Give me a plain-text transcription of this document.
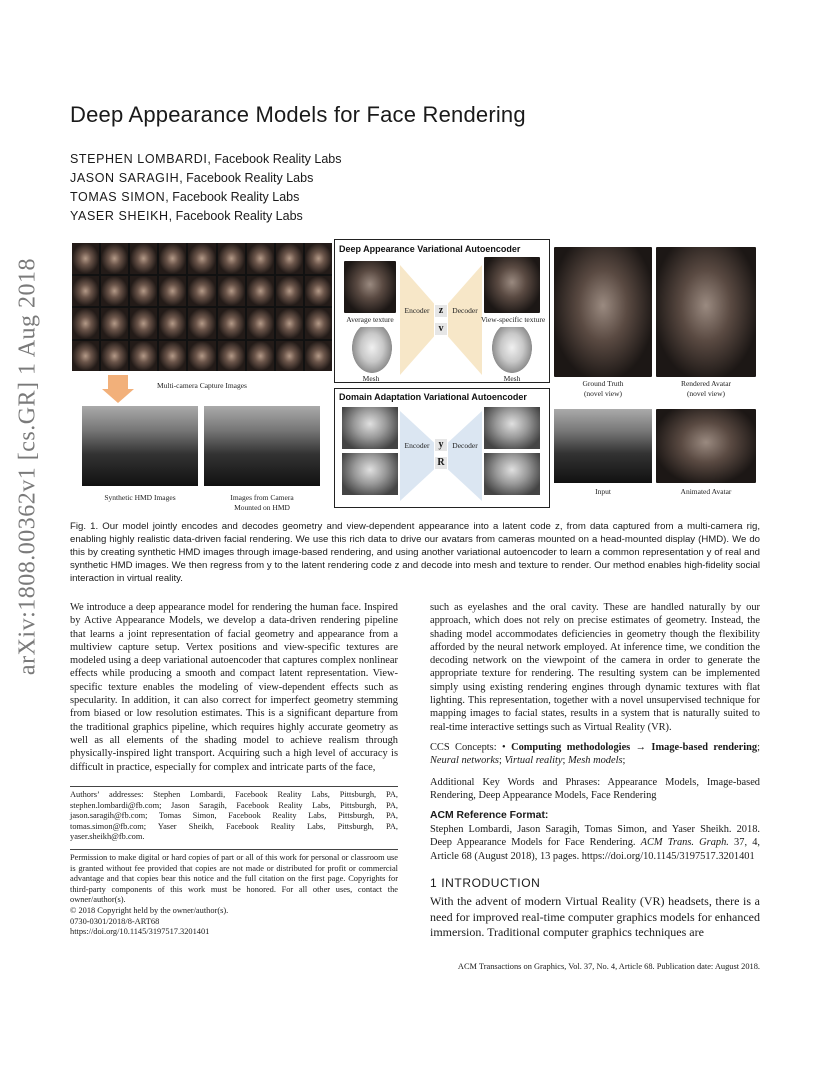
Deep Appearance Models for Face Rendering
STEPHEN LOMBARDI, Facebook Reality Labs
JASON SARAGIH, Facebook Reality Labs
TOMAS SIMON, Facebook Reality Labs
YASER SHEIKH, Facebook Reality Labs
arXiv:1808.00362v1 [cs.GR] 1 Aug 2018	Multi-camera Capture Images
Synthetic HMD Images	Images from Camera
Mounted on HMD
Deep Appearance Variational Autoencoder
Average texture
Mesh
Encoder	Decoder
z
v
View-specific texture
Mesh
Domain Adaptation Variational Autoencoder
Encoder	Decoder
y
R
Ground Truth
(novel view)
Rendered Avatar
(novel view)
Input	Animated Avatar
Fig. 1. Our model jointly encodes and decodes geometry and view-dependent appearance into a latent code z, from data captured from a multi-camera rig, enabling highly realistic data-driven facial rendering. We use this rich data to drive our avatars from cameras mounted on a head-mounted display (HMD). We do this by creating synthetic HMD images through image-based rendering, and using another variational autoencoder to learn a common representation y of real and synthetic HMD images. We then regress from y to the latent rendering code z and decode into mesh and texture to render. Our method enables high-fidelity social interaction in virtual reality.
We introduce a deep appearance model for rendering the human face. Inspired by Active Appearance Models, we develop a data-driven rendering pipeline that learns a joint representation of facial geometry and appearance from a multiview capture setup. Vertex positions and view-specific textures are modeled using a deep variational autoencoder that captures complex nonlinear effects while producing a smooth and compact latent representation. View-specific texture enables the modeling of view-dependent effects such as specularity. In addition, it can also correct for imperfect geometry stemming from biased or low resolution estimates. This is a significant departure from the traditional graphics pipeline, which requires highly accurate geometry as well as all elements of the shading model to achieve realism through physically-inspired light transport. Acquiring such a high level of accuracy is difficult in practice, especially for complex and intricate parts of the face,
such as eyelashes and the oral cavity. These are handled naturally by our approach, which does not rely on precise estimates of geometry. Instead, the shading model accommodates deficiencies in geometry though the flexibility afforded by the neural network employed. At inference time, we condition the decoding network on the viewpoint of the camera in order to generate the appropriate texture for rendering. The resulting system can be implemented simply using existing rendering engines through dynamic textures with flat lighting. This representation, together with a novel unsupervised technique for mapping images to facial states, results in a system that is naturally suited to real-time interactive settings such as Virtual Reality (VR).
CCS Concepts: • Computing methodologies → Image-based rendering; Neural networks; Virtual reality; Mesh models;
Additional Key Words and Phrases: Appearance Models, Image-based Rendering, Deep Appearance Models, Face Rendering
ACM Reference Format:
Stephen Lombardi, Jason Saragih, Tomas Simon, and Yaser Sheikh. 2018. Deep Appearance Models for Face Rendering. ACM Trans. Graph. 37, 4, Article 68 (August 2018), 13 pages. https://doi.org/10.1145/3197517.3201401
1 INTRODUCTION
With the advent of modern Virtual Reality (VR) headsets, there is a need for improved real-time computer graphics models for enhanced immersion. Traditional computer graphics techniques are
Authors’ addresses: Stephen Lombardi, Facebook Reality Labs, Pittsburgh, PA, stephen.lombardi@fb.com; Jason Saragih, Facebook Reality Labs, Pittsburgh, PA, jason.saragih@fb.com; Tomas Simon, Facebook Reality Labs, Pittsburgh, PA, tomas.simon@fb.com; Yaser Sheikh, Facebook Reality Labs, Pittsburgh, PA, yaser.sheikh@fb.com.
Permission to make digital or hard copies of part or all of this work for personal or classroom use is granted without fee provided that copies are not made or distributed for profit or commercial advantage and that copies bear this notice and the full citation on the first page. Copyrights for third-party components of this work must be honored. For all other uses, contact the owner/author(s).
© 2018 Copyright held by the owner/author(s).
0730-0301/2018/8-ART68
https://doi.org/10.1145/3197517.3201401
ACM Transactions on Graphics, Vol. 37, No. 4, Article 68. Publication date: August 2018.
